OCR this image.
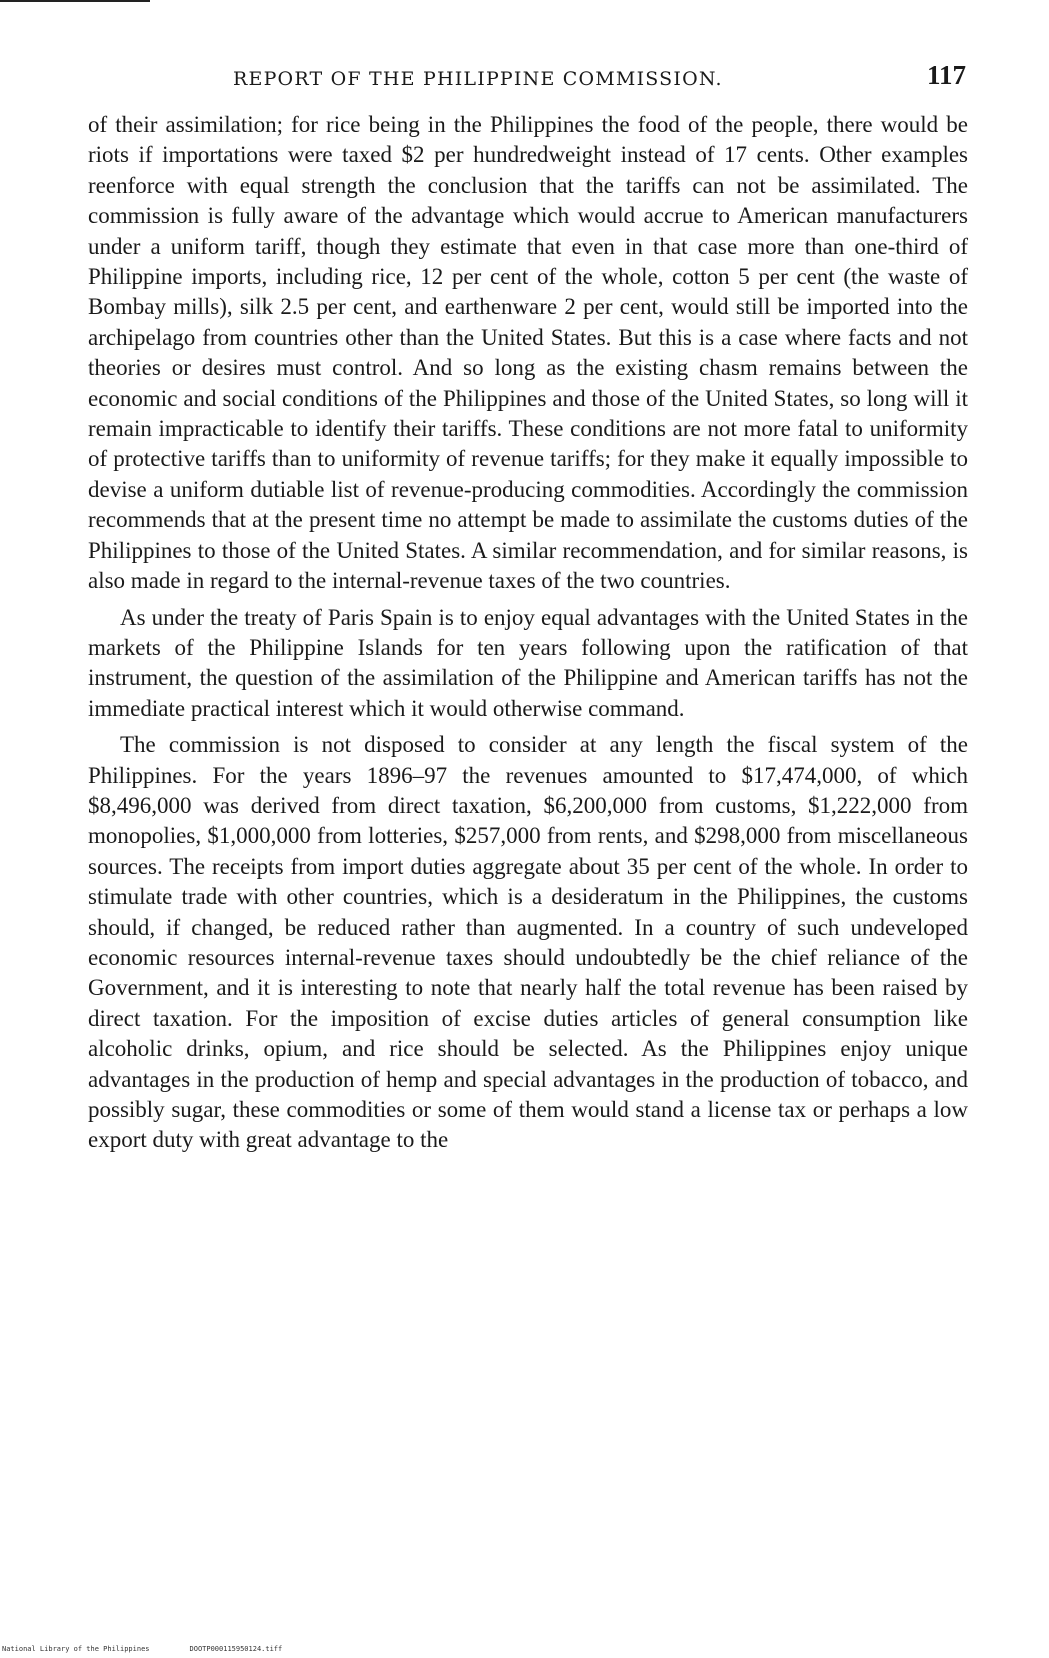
REPORT OF THE PHILIPPINE COMMISSION.	117

of their assimilation; for rice being in the Philippines the food of the people, there would be riots if importations were taxed $2 per hundredweight instead of 17 cents. Other examples reenforce with equal strength the conclusion that the tariffs can not be assimilated. The commission is fully aware of the advantage which would accrue to American manufacturers under a uniform tariff, though they estimate that even in that case more than one-third of Philippine imports, including rice, 12 per cent of the whole, cotton 5 per cent (the waste of Bombay mills), silk 2.5 per cent, and earthenware 2 per cent, would still be imported into the archipelago from countries other than the United States. But this is a case where facts and not theories or desires must control. And so long as the existing chasm remains between the economic and social conditions of the Philippines and those of the United States, so long will it remain impracticable to identify their tariffs. These conditions are not more fatal to uniformity of protective tariffs than to uniformity of revenue tariffs; for they make it equally impossible to devise a uniform dutiable list of revenue-producing commodities. Accordingly the commission recommends that at the present time no attempt be made to assimilate the customs duties of the Philippines to those of the United States. A similar recommendation, and for similar reasons, is also made in regard to the internal-revenue taxes of the two countries.

As under the treaty of Paris Spain is to enjoy equal advantages with the United States in the markets of the Philippine Islands for ten years following upon the ratification of that instrument, the question of the assimilation of the Philippine and American tariffs has not the immediate practical interest which it would otherwise command.

The commission is not disposed to consider at any length the fiscal system of the Philippines. For the years 1896–97 the revenues amounted to $17,474,000, of which $8,496,000 was derived from direct taxation, $6,200,000 from customs, $1,222,000 from monopolies, $1,000,000 from lotteries, $257,000 from rents, and $298,000 from miscellaneous sources. The receipts from import duties aggregate about 35 per cent of the whole. In order to stimulate trade with other countries, which is a desideratum in the Philippines, the customs should, if changed, be reduced rather than augmented. In a country of such undeveloped economic resources internal-revenue taxes should undoubtedly be the chief reliance of the Government, and it is interesting to note that nearly half the total revenue has been raised by direct taxation. For the imposition of excise duties articles of general consumption like alcoholic drinks, opium, and rice should be selected. As the Philippines enjoy unique advantages in the production of hemp and special advantages in the production of tobacco, and possibly sugar, these commodities or some of them would stand a license tax or perhaps a low export duty with great advantage to the

National Library of the Philippines	DOOTP000115950124.tiff
